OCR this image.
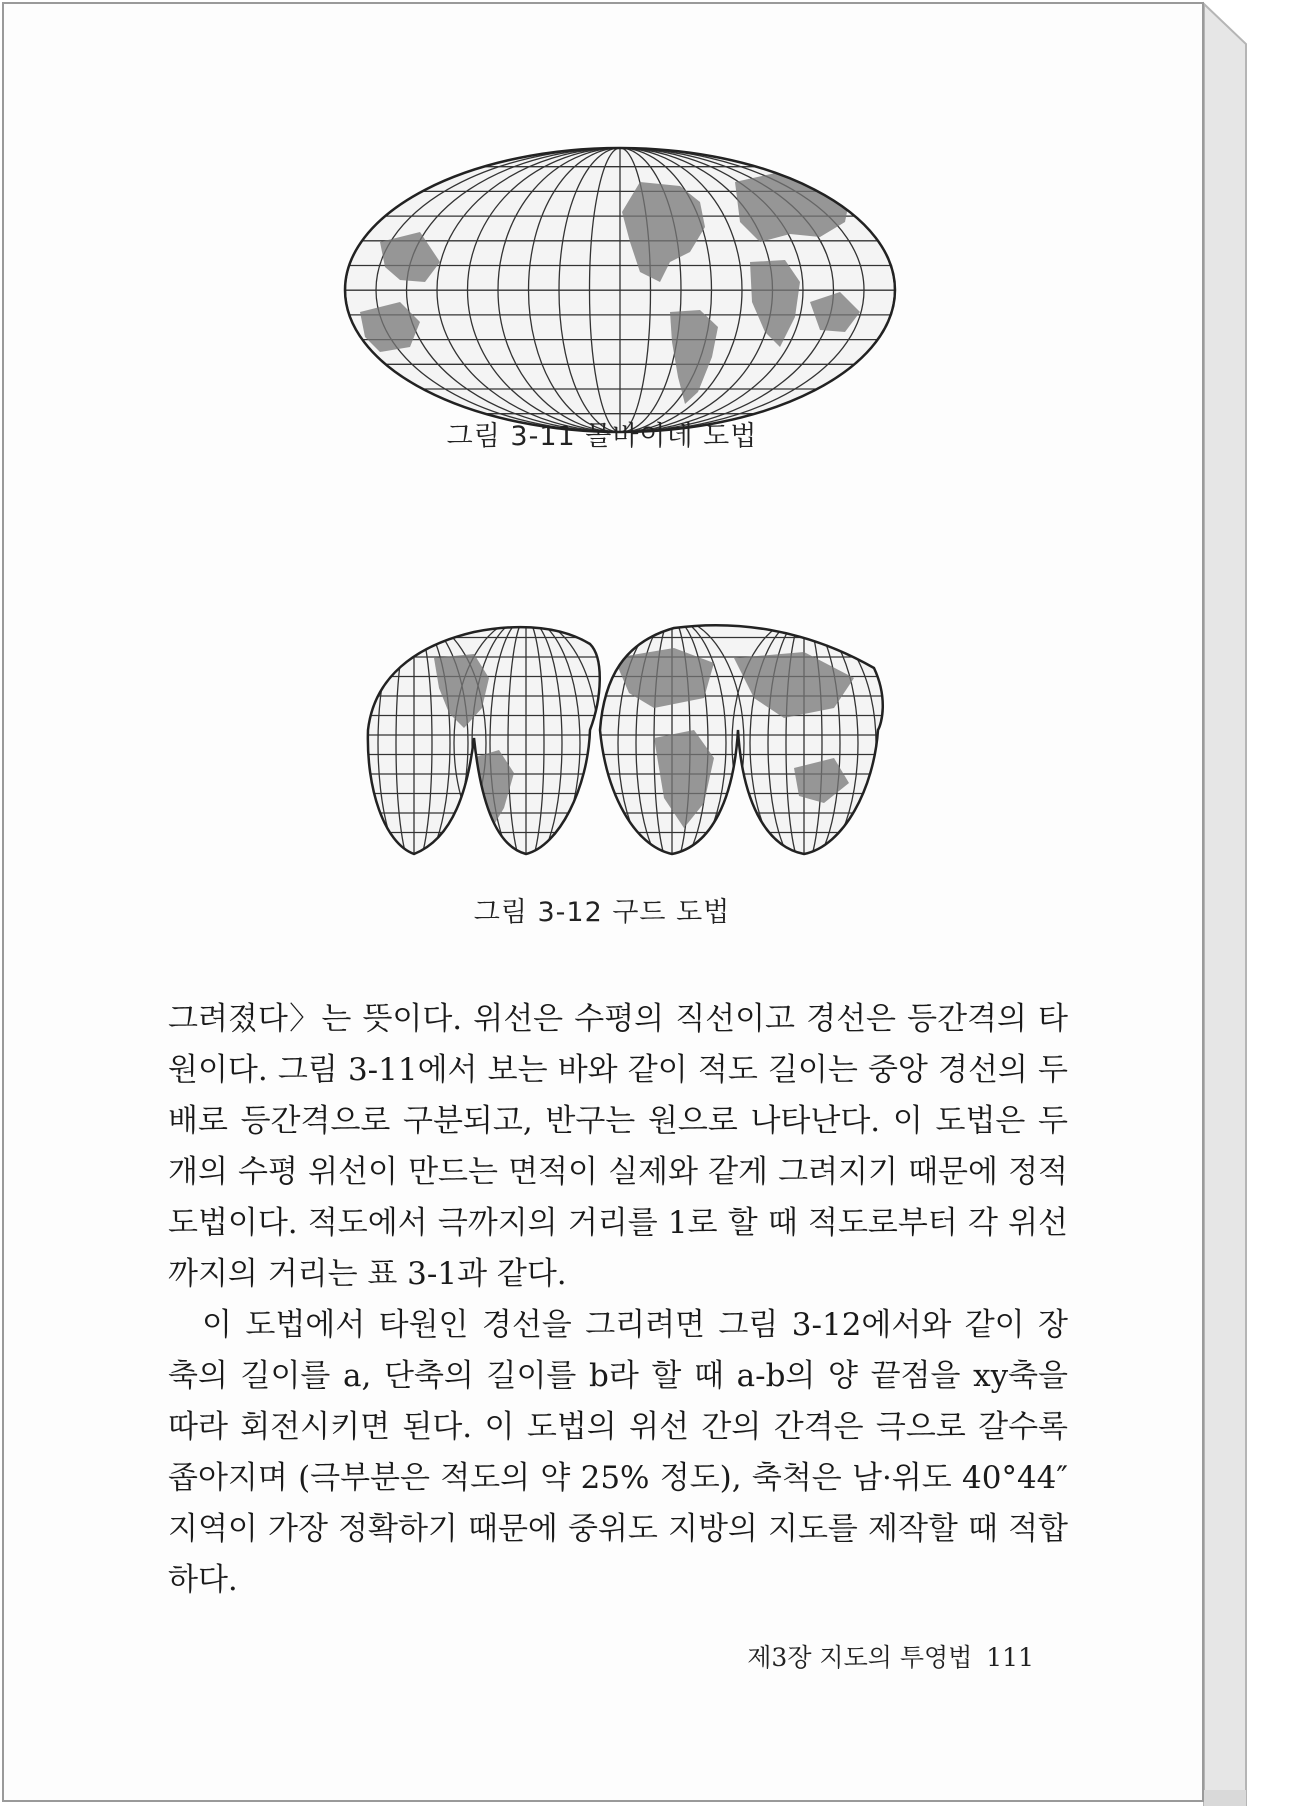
그림 3-11 몰바이데 도법
그림 3-12 구드 도법

그려졌다〉는 뜻이다. 위선은 수평의 직선이고 경선은 등간격의 타원이다. 그림 3-11에서 보는 바와 같이 적도 길이는 중앙 경선의 두 배로 등간격으로 구분되고, 반구는 원으로 나타난다. 이 도법은 두 개의 수평 위선이 만드는 면적이 실제와 같게 그려지기 때문에 정적 도법이다. 적도에서 극까지의 거리를 1로 할 때 적도로부터 각 위선까지의 거리는 표 3-1과 같다.

이 도법에서 타원인 경선을 그리려면 그림 3-12에서와 같이 장축의 길이를 a, 단축의 길이를 b라 할 때 a-b의 양 끝점을 xy축을 따라 회전시키면 된다. 이 도법의 위선 간의 간격은 극으로 갈수록 좁아지며 (극부분은 적도의 약 25% 정도), 축척은 남·위도 40°44″지역이 가장 정확하기 때문에 중위도 지방의 지도를 제작할 때 적합하다.

제3장 지도의 투영법 111
